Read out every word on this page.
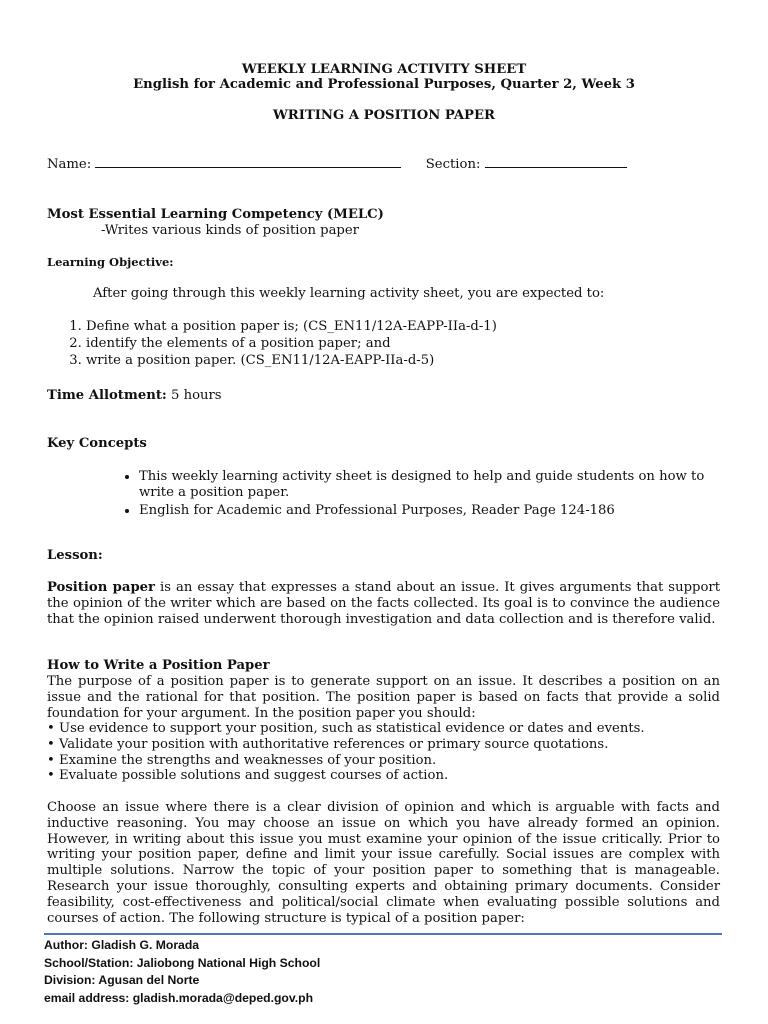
WEEKLY LEARNING ACTIVITY SHEET
English for Academic and Professional Purposes, Quarter 2, Week 3
WRITING A POSITION PAPER
Name:	Section:
Most Essential Learning Competency (MELC)
-Writes various kinds of position paper
Learning Objective:
After going through this weekly learning activity sheet, you are expected to:
1. Define what a position paper is; (CS_EN11/12A-EAPP-IIa-d-1)
2. identify the elements of a position paper; and
3. write a position paper. (CS_EN11/12A-EAPP-IIa-d-5)
Time Allotment: 5 hours
Key Concepts
• This weekly learning activity sheet is designed to help and guide students on how to write a position paper.
• English for Academic and Professional Purposes, Reader Page 124-186
Lesson:
Position paper is an essay that expresses a stand about an issue. It gives arguments that support the opinion of the writer which are based on the facts collected. Its goal is to convince the audience that the opinion raised underwent thorough investigation and data collection and is therefore valid.
How to Write a Position Paper
The purpose of a position paper is to generate support on an issue. It describes a position on an issue and the rational for that position. The position paper is based on facts that provide a solid foundation for your argument. In the position paper you should:
• Use evidence to support your position, such as statistical evidence or dates and events.
• Validate your position with authoritative references or primary source quotations.
• Examine the strengths and weaknesses of your position.
• Evaluate possible solutions and suggest courses of action.
Choose an issue where there is a clear division of opinion and which is arguable with facts and inductive reasoning. You may choose an issue on which you have already formed an opinion. However, in writing about this issue you must examine your opinion of the issue critically. Prior to writing your position paper, define and limit your issue carefully. Social issues are complex with multiple solutions. Narrow the topic of your position paper to something that is manageable. Research your issue thoroughly, consulting experts and obtaining primary documents. Consider feasibility, cost-effectiveness and political/social climate when evaluating possible solutions and courses of action. The following structure is typical of a position paper:
Author: Gladish G. Morada
School/Station: Jaliobong National High School
Division: Agusan del Norte
email address: gladish.morada@deped.gov.ph
